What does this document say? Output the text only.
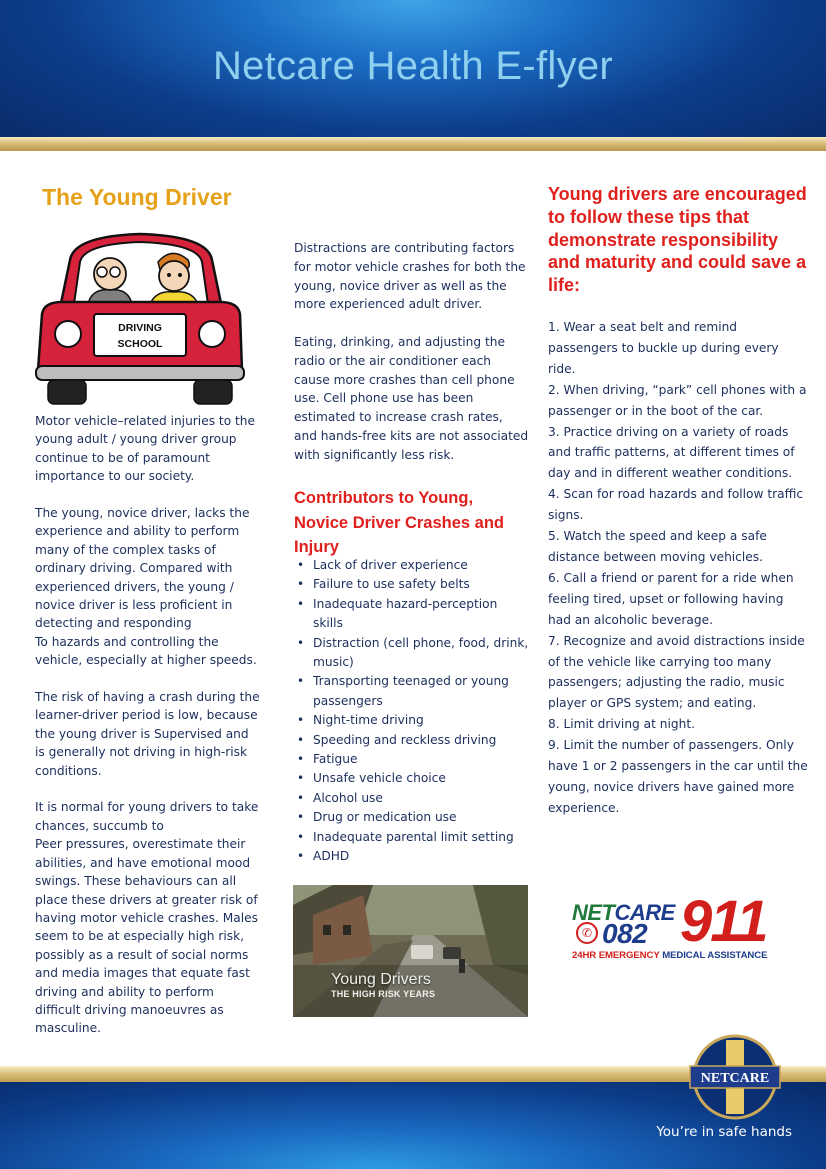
Netcare Health E-flyer
The Young Driver
DRIVING
SCHOOL

Motor vehicle–related injuries to the young adult / young driver group continue to be of paramount importance to our society.

The young, novice driver, lacks the experience and ability to perform many of the complex tasks of ordinary driving. Compared with experienced drivers, the young / novice driver is less proficient in detecting and responding

To hazards and controlling the vehicle, especially at higher speeds.

The risk of having a crash during the learner-driver period is low, because the young driver is Supervised and is generally not driving in high-risk conditions.

It is normal for young drivers to take chances, succumb to
Peer pressures, overestimate their abilities, and have emotional mood swings. These behaviours can all place these drivers at greater risk of having motor vehicle crashes. Males seem to be at especially high risk, possibly as a result of social norms and media images that equate fast driving and ability to perform difficult driving manoeuvres as masculine.

Distractions are contributing factors for motor vehicle crashes for both the young, novice driver as well as the more experienced adult driver.

Eating, drinking, and adjusting the radio or the air conditioner each cause more crashes than cell phone use. Cell phone use has been estimated to increase crash rates, and hands-free kits are not associated with significantly less risk.

Contributors to Young, Novice Driver Crashes and Injury
• Lack of driver experience
• Failure to use safety belts
• Inadequate hazard-perception skills
• Distraction (cell phone, food, drink, music)
• Transporting teenaged or young passengers
• Night-time driving
• Speeding and reckless driving
• Fatigue
• Unsafe vehicle choice
• Alcohol use
• Drug or medication use
• Inadequate parental limit setting
• ADHD
Young Drivers
THE HIGH RISK YEARS
Young drivers are encouraged to follow these tips that demonstrate responsibility and maturity and could save a life:
1. Wear a seat belt and remind passengers to buckle up during every ride.
2. When driving, “park” cell phones with a passenger or in the boot of the car.
3. Practice driving on a variety of roads and traffic patterns, at different times of day and in different weather conditions.
4. Scan for road hazards and follow traffic signs.
5. Watch the speed and keep a safe distance between moving vehicles.
6. Call a friend or parent for a ride when feeling tired, upset or following having had an alcoholic beverage.
7. Recognize and avoid distractions inside of the vehicle like carrying too many passengers; adjusting the radio, music player or GPS system; and eating.
8. Limit driving at night.
9. Limit the number of passengers. Only have 1 or 2 passengers in the car until the young, novice drivers have gained more experience.
NETCARE
✆ 082 911
24HR EMERGENCY MEDICAL ASSISTANCE
NETCARE
You’re in safe hands
